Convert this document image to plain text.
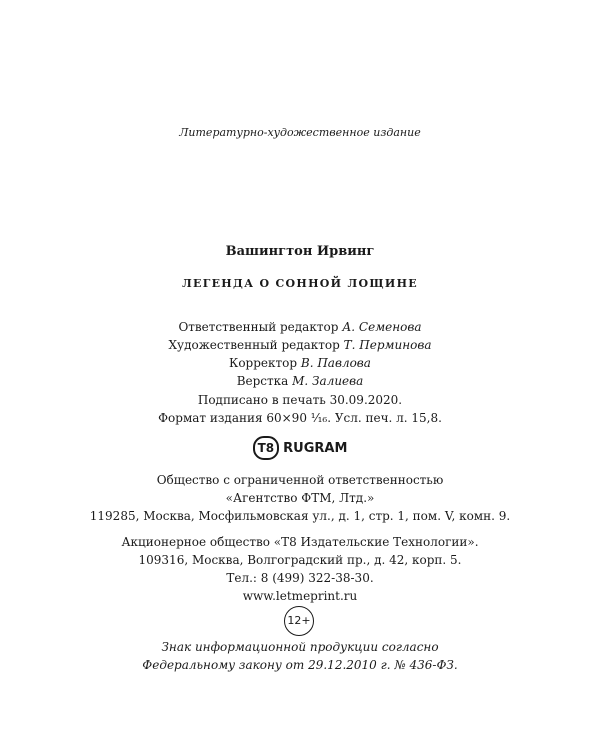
Литературно-художественное издание
Вашингтон Ирвинг
ЛЕГЕНДА О СОННОЙ ЛОЩИНЕ
Ответственный редактор А. Семенова
Художественный редактор Т. Перминова
Корректор В. Павлова
Верстка М. Залиева
Подписано в печать 30.09.2020.
Формат издания 60×90 ¹⁄₁₆. Усл. печ. л. 15,8.
T8 RUGRAM
Общество с ограниченной ответственностью
«Агентство ФТМ, Лтд.»
119285, Москва, Мосфильмовская ул., д. 1, стр. 1, пом. V, комн. 9.
Акционерное общество «Т8 Издательские Технологии».
109316, Москва, Волгоградский пр., д. 42, корп. 5.
Тел.: 8 (499) 322-38-30.
www.letmeprint.ru
12+
Знак информационной продукции согласно
Федеральному закону от 29.12.2010 г. № 436-ФЗ.
